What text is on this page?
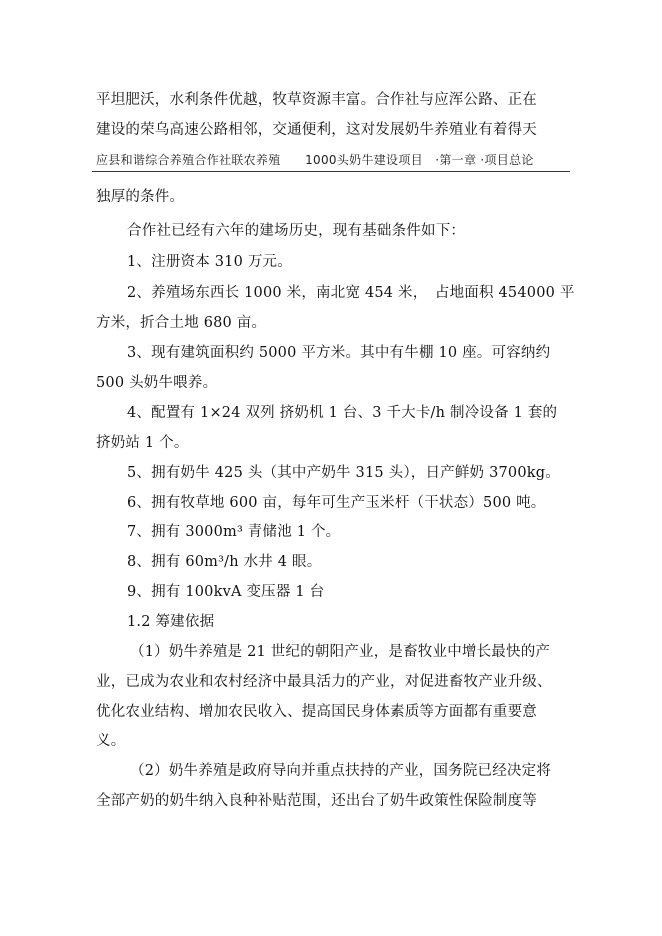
平坦肥沃，水利条件优越，牧草资源丰富。合作社与应浑公路、正在
建设的荣乌高速公路相邻，交通便利，这对发展奶牛养殖业有着得天
应县和谐综合养殖合作社联农养殖　　1000头奶牛建设项目　·第一章 ·项目总论
独厚的条件。
合作社已经有六年的建场历史，现有基础条件如下：
1、注册资本 310 万元。
2、养殖场东西长 1000 米，南北宽 454 米，　占地面积 454000 平
方米，折合土地 680 亩。
3、现有建筑面积约 5000 平方米。其中有牛棚 10 座。可容纳约
500 头奶牛喂养。
4、配置有 1×24 双列 挤奶机 1 台、3 千大卡/h 制冷设备 1 套的
挤奶站 1 个。
5、拥有奶牛 425 头（其中产奶牛 315 头），日产鲜奶 3700kg。
6、拥有牧草地 600 亩，每年可生产玉米杆（干状态）500 吨。
7、拥有 3000m³ 青储池 1 个。
8、拥有 60m³/h 水井 4 眼。
9、拥有 100kvA 变压器 1 台
1.2 筹建依据
（1）奶牛养殖是 21 世纪的朝阳产业，是畜牧业中增长最快的产
业，已成为农业和农村经济中最具活力的产业，对促进畜牧产业升级、
优化农业结构、增加农民收入、提高国民身体素质等方面都有重要意
义。
（2）奶牛养殖是政府导向并重点扶持的产业，国务院已经决定将
全部产奶的奶牛纳入良种补贴范围，还出台了奶牛政策性保险制度等
